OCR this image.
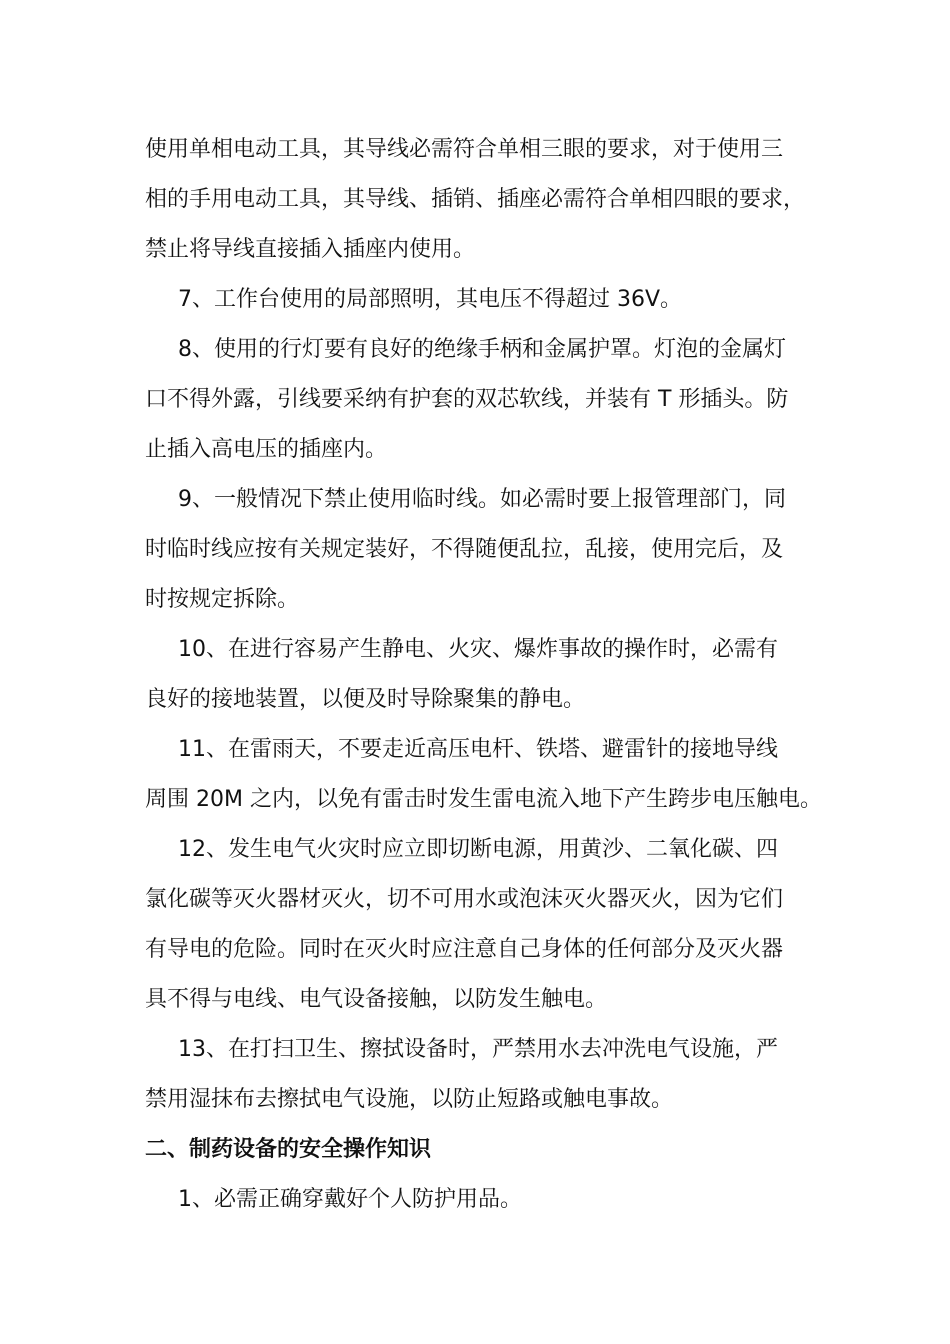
使用单相电动工具，其导线必需符合单相三眼的要求，对于使用三
相的手用电动工具，其导线、插销、插座必需符合单相四眼的要求，
禁止将导线直接插入插座内使用。
7、工作台使用的局部照明，其电压不得超过 36V。
8、使用的行灯要有良好的绝缘手柄和金属护罩。灯泡的金属灯
口不得外露，引线要采纳有护套的双芯软线，并装有 T 形插头。防
止插入高电压的插座内。
9、一般情况下禁止使用临时线。如必需时要上报管理部门，同
时临时线应按有关规定装好，不得随便乱拉，乱接，使用完后，及
时按规定拆除。
10、在进行容易产生静电、火灾、爆炸事故的操作时，必需有
良好的接地装置，以便及时导除聚集的静电。
11、在雷雨天，不要走近高压电杆、铁塔、避雷针的接地导线
周围 20M 之内，以免有雷击时发生雷电流入地下产生跨步电压触电。
12、发生电气火灾时应立即切断电源，用黄沙、二氧化碳、四
氯化碳等灭火器材灭火，切不可用水或泡沫灭火器灭火，因为它们
有导电的危险。同时在灭火时应注意自己身体的任何部分及灭火器
具不得与电线、电气设备接触，以防发生触电。
13、在打扫卫生、擦拭设备时，严禁用水去冲洗电气设施，严
禁用湿抹布去擦拭电气设施，以防止短路或触电事故。
二、制药设备的安全操作知识
1、必需正确穿戴好个人防护用品。
